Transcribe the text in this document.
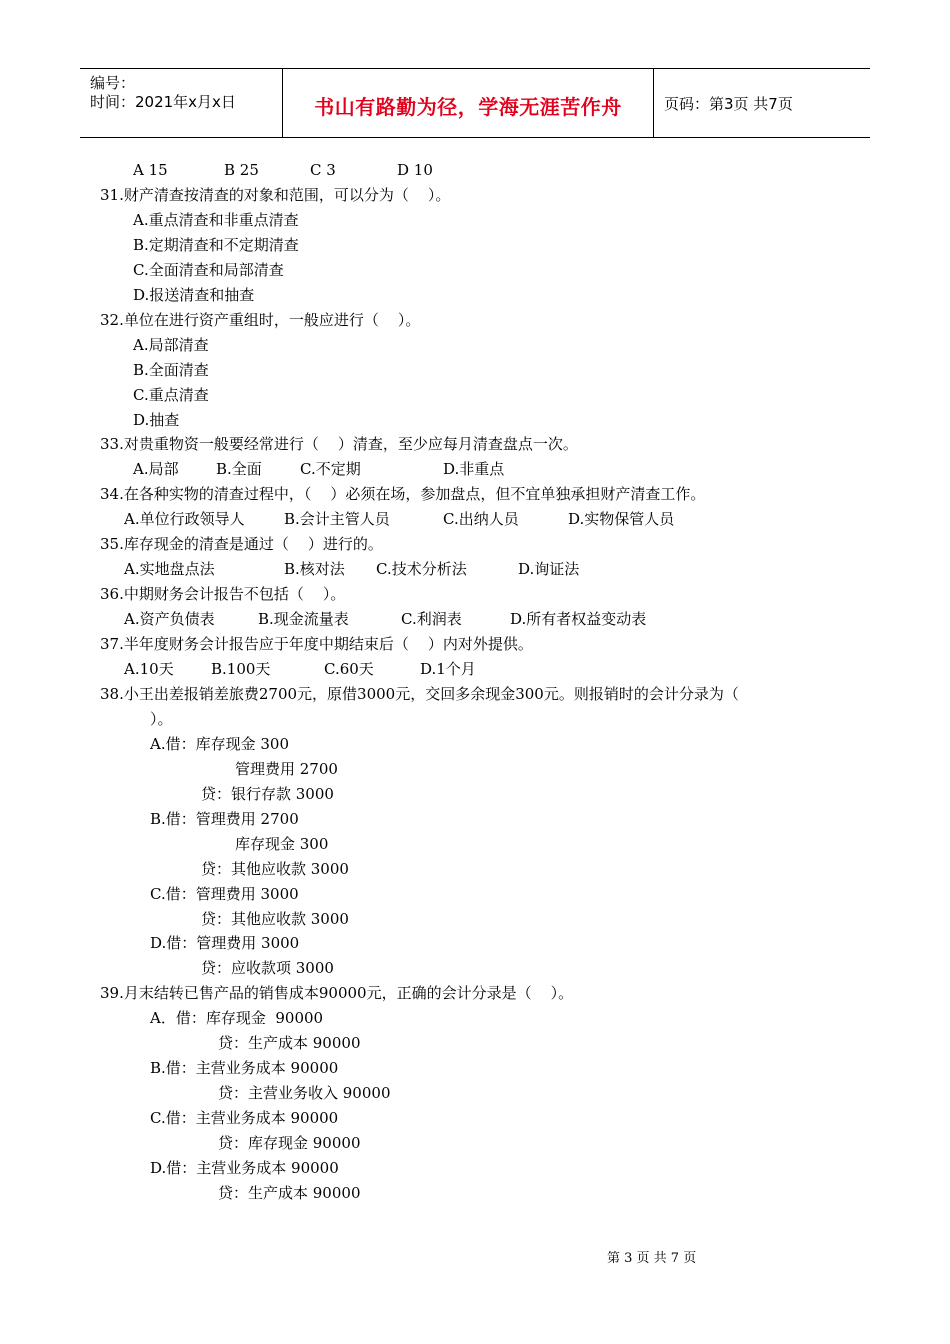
编号：
时间：2021年x月x日	书山有路勤为径，学海无涯苦作舟	页码：第3页 共7页
A 15
31.财产清查按清查的对象和范围，可以分为（    ）。
A.重点清查和非重点清查
B.定期清查和不定期清查
C.全面清查和局部清查
D.报送清查和抽查
32.单位在进行资产重组时，一般应进行（    ）。
A.局部清查
B.全面清查
C.重点清查
D.抽查
33.对贵重物资一般要经常进行（    ）清查，至少应每月清查盘点一次。
A.局部
34.在各种实物的清查过程中，（    ）必须在场，参加盘点，但不宜单独承担财产清查工作。
A.单位行政领导人
35.库存现金的清查是通过（    ）进行的。
A.实地盘点法
36.中期财务会计报告不包括（    ）。
A.资产负债表
37.半年度财务会计报告应于年度中期结束后（    ）内对外提供。
A.10天
38.小王出差报销差旅费2700元，原借3000元，交回多余现金300元。则报销时的会计分录为（
）。
A.借：库存现金 300
管理费用 2700
贷：银行存款 3000
B.借：管理费用 2700
库存现金 300
贷：其他应收款 3000
C.借：管理费用 3000
贷：其他应收款 3000
D.借：管理费用 3000
贷：应收款项 3000
39.月末结转已售产品的销售成本90000元，正确的会计分录是（    ）。
A．借：库存现金  90000
贷：生产成本 90000
B.借：主营业务成本 90000
贷：主营业务收入 90000
C.借：主营业务成本 90000
贷：库存现金 90000
D.借：主营业务成本 90000
贷：生产成本 90000
B 25	C 3	D 10
B.全面	C.不定期	D.非重点
B.会计主管人员	C.出纳人员	D.实物保管人员
B.核对法 C.技术分析法	D.询证法
B.现金流量表	C.利润表	D.所有者权益变动表
B.100天	C.60天	D.1个月
第 3 页 共 7 页
